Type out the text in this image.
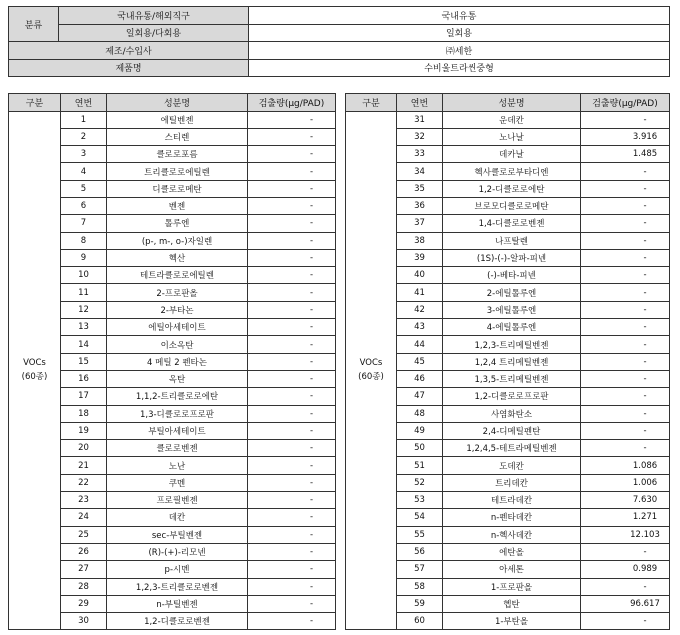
분류	국내유통/해외직구	국내유통
	일회용/다회용	일회용
제조/수입사		㈜세한
제품명		수비울트라씬중형
구분	연번	성분명	검출량(μg/PAD)

VOCs
(60종)	1	에틸벤젠	-
	2	스티렌	-
	3	클로로포름	-
	4	트리클로로에틸렌	-
	5	디클로로메탄	-
	6	벤젠	-
	7	톨루엔	-
	8	(p-, m-, o-)자일렌	-
	9	헥산	-
	10	테트라클로로에틸렌	-
	11	2-프로판올	-
	12	2-부타논	-
	13	에틸아세테이트	-
	14	이소옥탄	-
	15	4 메틸 2 펜타논	-
	16	옥탄	-
	17	1,1,2-트리클로로에탄	-
	18	1,3-디클로로프로판	-
	19	부틸아세테이트	-
	20	클로로벤젠	-
	21	노난	-
	22	쿠멘	-
	23	프로필벤젠	-
	24	데칸	-
	25	sec-부틸벤젠	-
	26	(R)-(+)-리모넨	-
	27	p-시멘	-
	28	1,2,3-트리클로로벤젠	-
	29	n-부틸벤젠	-
	30	1,2-디클로로벤젠	-
구분	연번	성분명	검출량(μg/PAD)

VOCs
(60종)	31	운데칸	-
	32	노나날	3.916
	33	데카날	1.485
	34	헥사클로로부타디엔	-
	35	1,2-디클로로에탄	-
	36	브로모디클로로메탄	-
	37	1,4-디클로로벤젠	-
	38	나프탈렌	-
	39	(1S)-(-)-알파-피넨	-
	40	(-)-베타-피넨	-
	41	2-에틸톨루엔	-
	42	3-에틸톨루엔	-
	43	4-에틸톨루엔	-
	44	1,2,3-트리메틸벤젠	-
	45	1,2,4 트리메틸벤젠	-
	46	1,3,5-트리메틸벤젠	-
	47	1,2-디클로로프로판	-
	48	사염화탄소	-
	49	2,4-디메틸펜탄	-
	50	1,2,4,5-테트라메틸벤젠	-
	51	도데칸	1.086
	52	트리데칸	1.006
	53	테트라데칸	7.630
	54	n-펜타데칸	1.271
	55	n-헥사데칸	12.103
	56	에탄올	-
	57	아세톤	0.989
	58	1-프로판올	-
	59	헵탄	96.617
	60	1-부탄올	-
